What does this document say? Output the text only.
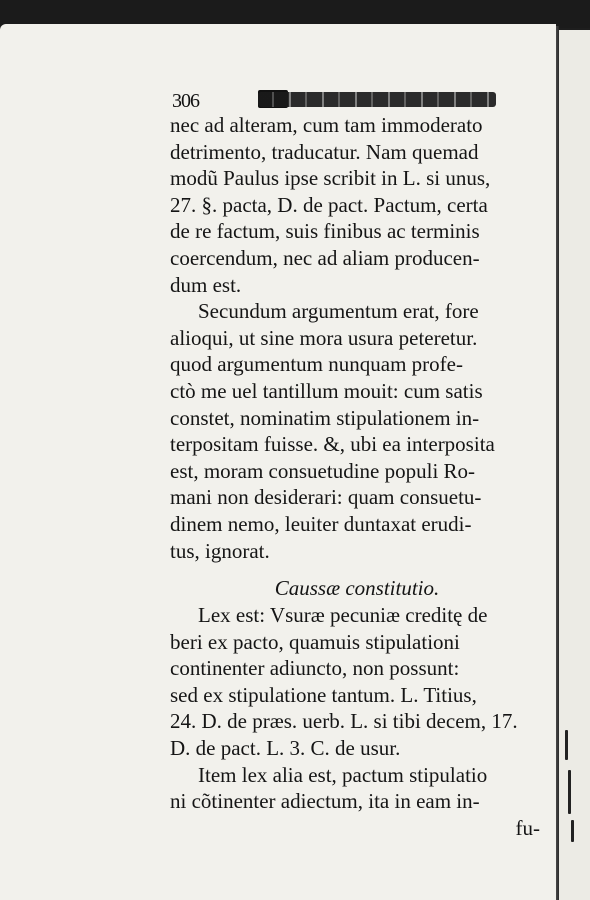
306
nec ad alteram, cum tam immoderato
detrimento, traducatur. Nam quemad
modũ Paulus ipse scribit in L. si unus,
27. §. pacta, D. de pact. Pactum, certa
de re factum, suis finibus ac terminis
coercendum, nec ad aliam producen-
dum est.
Secundum argumentum erat, fore
alioqui, ut sine mora usura peteretur.
quod argumentum nunquam profe-
ctò me uel tantillum mouit: cum satis
constet, nominatim stipulationem in-
terpositam fuisse. &, ubi ea interposita
est, moram consuetudine populi Ro-
mani non desiderari: quam consuetu-
dinem nemo, leuiter duntaxat erudi-
tus, ignorat.
Caussæ constitutio.
Lex est: Vsuræ pecuniæ creditę de
beri ex pacto, quamuis stipulationi
continenter adiuncto, non possunt:
sed ex stipulatione tantum. L. Titius,
24. D. de præs. uerb. L. si tibi decem, 17.
D. de pact. L. 3. C. de usur.
Item lex alia est, pactum stipulatio
ni cõtinenter adiectum, ita in eam in-
fu-
